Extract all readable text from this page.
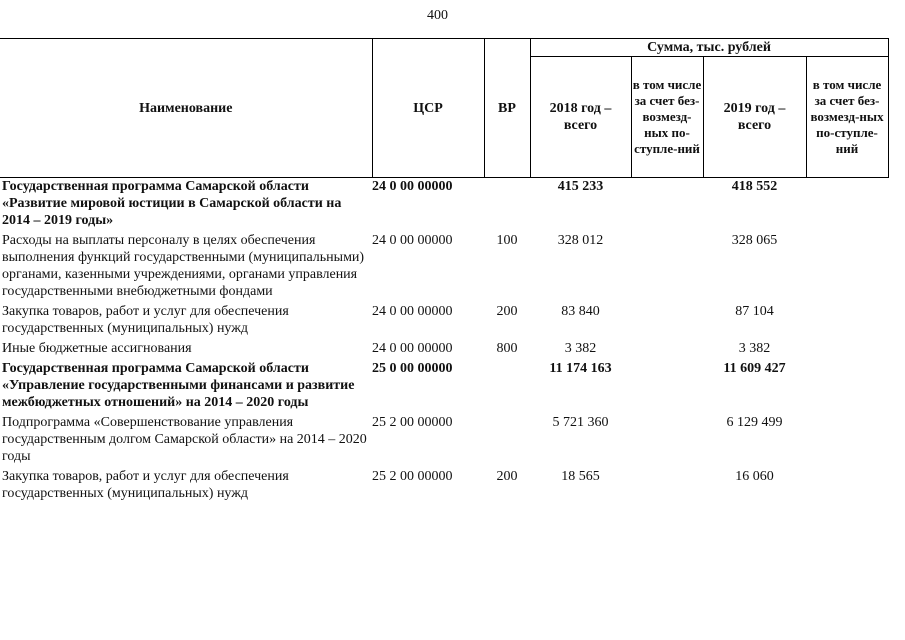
400
Наименование	ЦСР	ВР	Сумма, тыс. рублей			
			2018 год – всего	в том числе за счет без-возмезд-ных по-ступле-ний	2019 год – всего	в том числе за счет без-возмезд-ных по-ступле-ний
Государственная программа Самарской области «Развитие мировой юстиции в Самарской области на 2014 – 2019 годы»	24 0 00 00000		415 233		418 552	
Расходы на выплаты персоналу в целях обеспечения выполнения функций государственными (муниципальными) органами, казенными учреждениями, органами управления государственными внебюджетными фондами	24 0 00 00000	100	328 012		328 065	
Закупка товаров, работ и услуг для обеспечения государственных (муниципальных) нужд	24 0 00 00000	200	83 840		87 104	
Иные бюджетные ассигнования	24 0 00 00000	800	3 382		3 382	
Государственная программа Самарской области «Управление государственными финансами и развитие межбюджетных отношений» на 2014 – 2020 годы	25 0 00 00000		11 174 163		11 609 427	
Подпрограмма «Совершенствование управления государственным долгом Самарской области» на 2014 – 2020 годы	25 2 00 00000		5 721 360		6 129 499	
Закупка товаров, работ и услуг для обеспечения государственных (муниципальных) нужд	25 2 00 00000	200	18 565		16 060	
